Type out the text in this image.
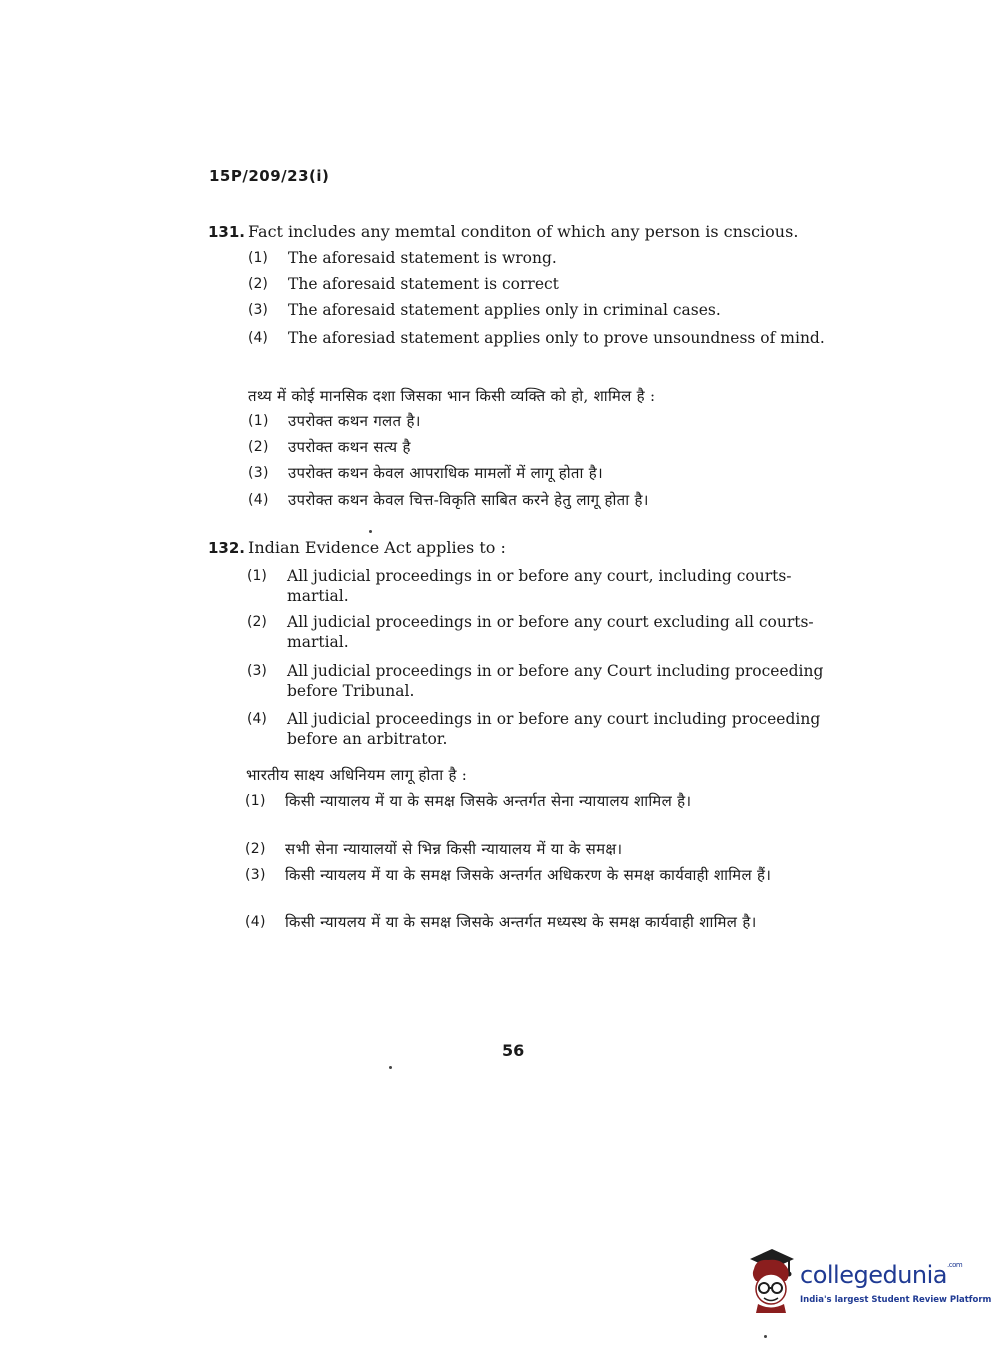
15P/209/23(i)
131. Fact includes any memtal conditon of which any person is cnscious.
(1)	The aforesaid statement is wrong.
(2)	The aforesaid statement is correct
(3)	The aforesaid statement applies only in criminal cases.
(4)	The aforesiad statement applies only to prove unsoundness of mind.
तथ्य में कोई मानसिक दशा जिसका भान किसी व्यक्ति को हो, शामिल है :
(1)	उपरोक्त कथन गलत है।
(2)	उपरोक्त कथन सत्य है
(3)	उपरोक्त कथन केवल आपराधिक मामलों में लागू होता है।
(4)	उपरोक्त कथन केवल चित्त-विकृति साबित करने हेतु लागू होता है।
132. Indian Evidence Act applies to :
(1)	All judicial proceedings in or before any court, including courts-martial.
(2)	All judicial proceedings in or before any court excluding all courts- martial.
(3)	All judicial proceedings in or before any Court including proceeding before Tribunal.
(4)	All judicial proceedings in or before any court including proceeding before an arbitrator.
भारतीय साक्ष्य अधिनियम लागू होता है :
(1)	किसी न्यायालय में या के समक्ष जिसके अन्तर्गत सेना न्यायालय शामिल है।
(2)	सभी सेना न्यायालयों से भिन्न किसी न्यायालय में या के समक्ष।
(3)	किसी न्यायलय में या के समक्ष जिसके अन्तर्गत अधिकरण के समक्ष कार्यवाही शामिल हैं।
(4)	किसी न्यायलय में या के समक्ष जिसके अन्तर्गत मध्यस्थ के समक्ष कार्यवाही शामिल है।
56
collegedunia$^{.com}$
India's largest Student Review Platform
